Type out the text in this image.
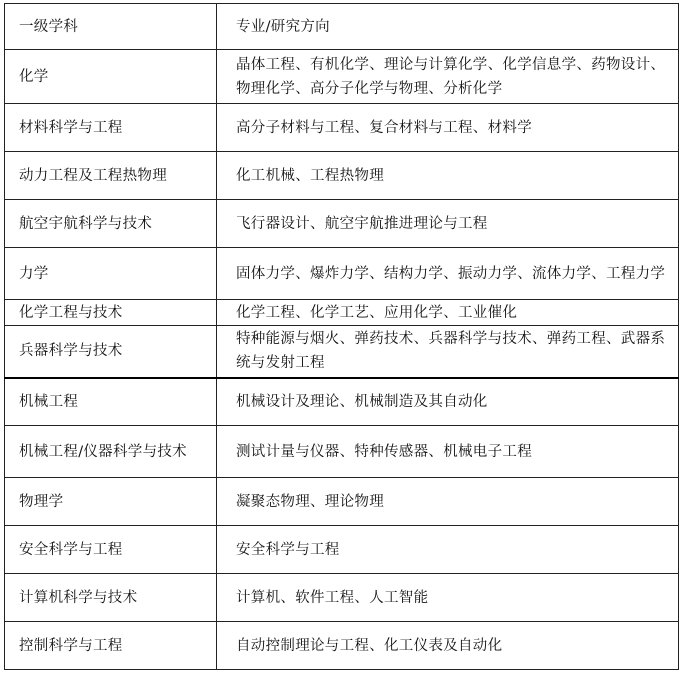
一级学科	专业/研究方向
化学	晶体工程、有机化学、理论与计算化学、化学信息学、药物设计、物理化学、高分子化学与物理、分析化学
材料科学与工程	高分子材料与工程、复合材料与工程、材料学
动力工程及工程热物理	化工机械、工程热物理
航空宇航科学与技术	飞行器设计、航空宇航推进理论与工程
力学	固体力学、爆炸力学、结构力学、振动力学、流体力学、工程力学
化学工程与技术	化学工程、化学工艺、应用化学、工业催化
兵器科学与技术	特种能源与烟火、弹药技术、兵器科学与技术、弹药工程、武器系统与发射工程
机械工程	机械设计及理论、机械制造及其自动化
机械工程/仪器科学与技术	测试计量与仪器、特种传感器、机械电子工程
物理学	凝聚态物理、理论物理
安全科学与工程	安全科学与工程
计算机科学与技术	计算机、软件工程、人工智能
控制科学与工程	自动控制理论与工程、化工仪表及自动化
